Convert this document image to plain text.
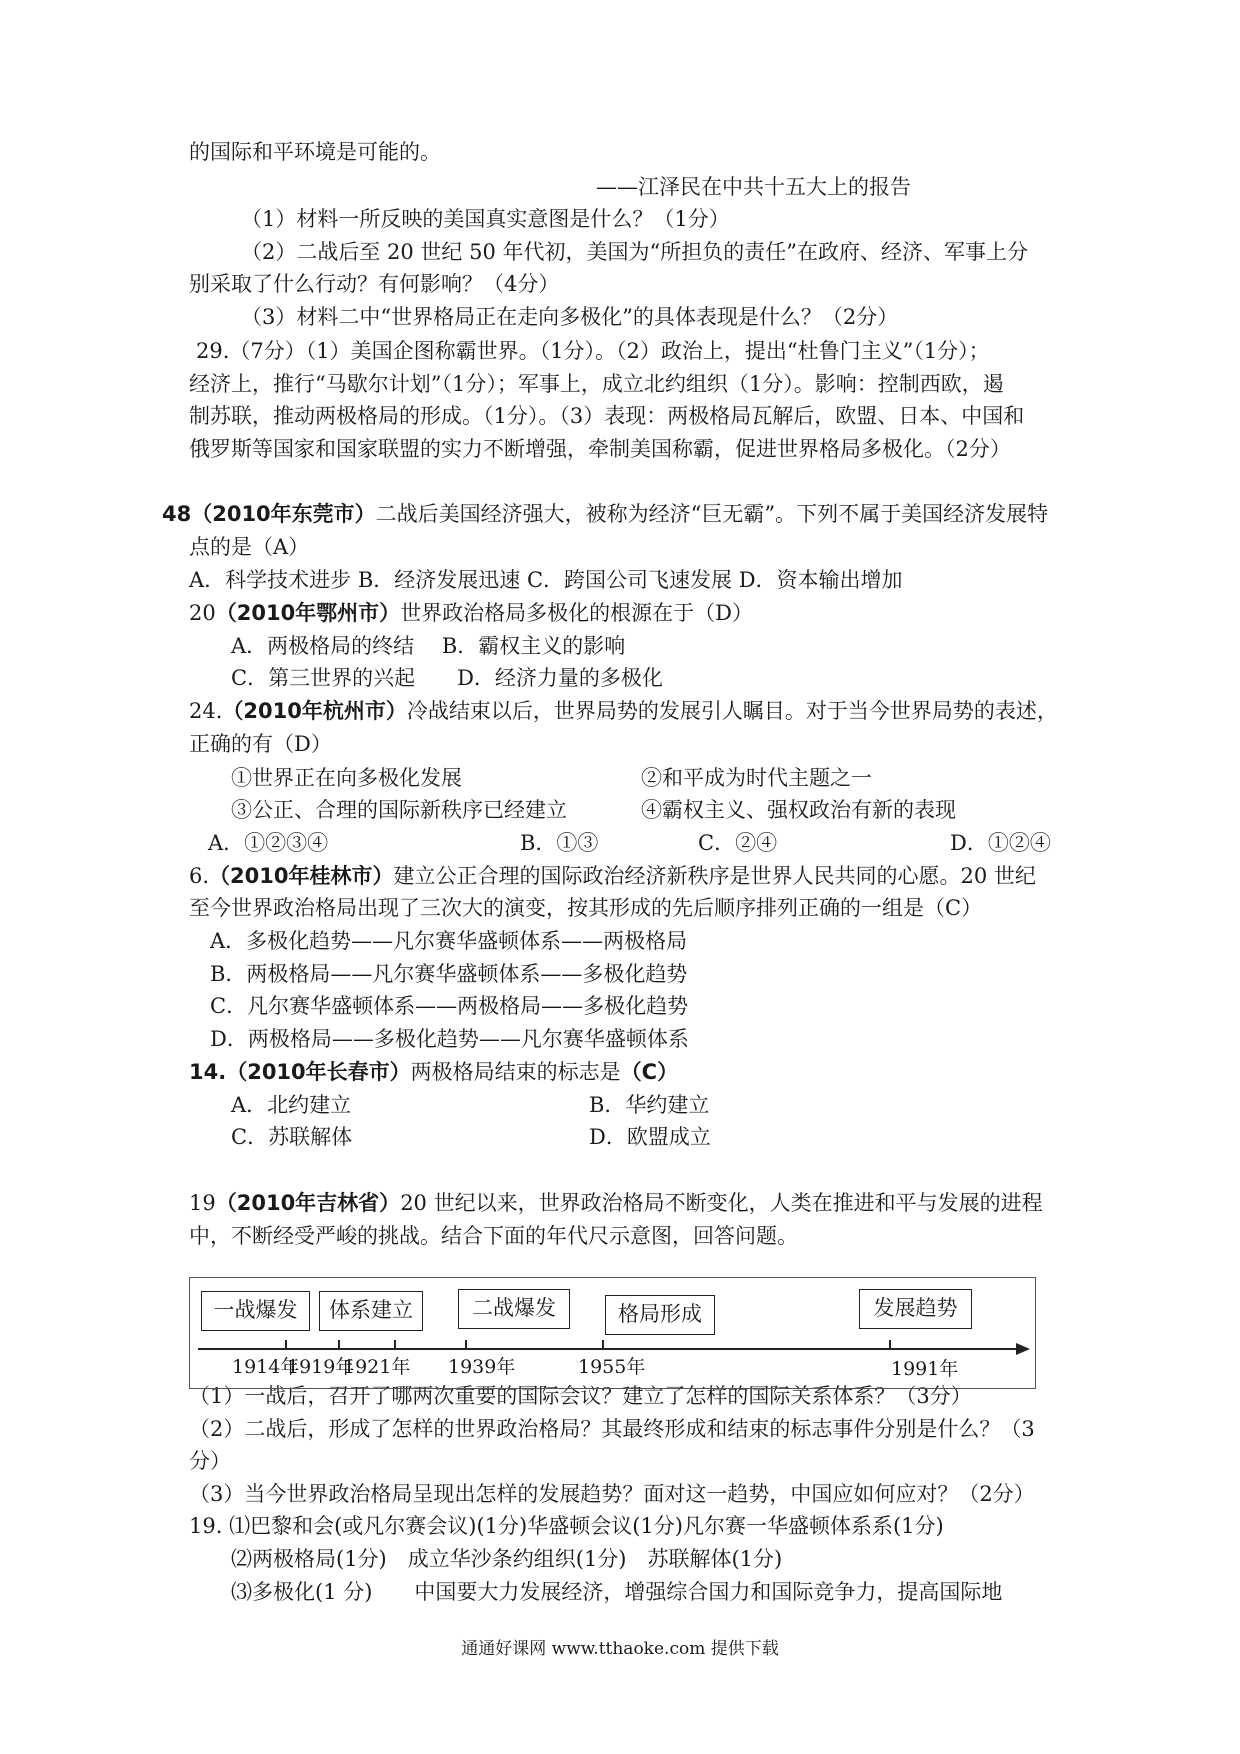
的国际和平环境是可能的。
——江泽民在中共十五大上的报告
（1）材料一所反映的美国真实意图是什么？（1分）
（2）二战后至 20 世纪 50 年代初，美国为“所担负的责任”在政府、经济、军事上分
别采取了什么行动？有何影响？（4分）
（3）材料二中“世界格局正在走向多极化”的具体表现是什么？（2分）
29.（7分）（1）美国企图称霸世界。（1分）。（2）政治上，提出“杜鲁门主义”（1分）；
经济上，推行“马歇尔计划”（1分）；军事上，成立北约组织（1分）。影响：控制西欧，遏
制苏联，推动两极格局的形成。（1分）。（3）表现：两极格局瓦解后，欧盟、日本、中国和
俄罗斯等国家和国家联盟的实力不断增强，牵制美国称霸，促进世界格局多极化。（2分）
点的是（A）
A．科学技术进步 B．经济发展迅速 C．跨国公司飞速发展 D．资本输出增加
A．两极格局的终结　 B．霸权主义的影响
C．第三世界的兴起　　D．经济力量的多极化
正确的有（D）
①世界正在向多极化发展	②和平成为时代主题之一
③公正、合理的国际新秩序已经建立	④霸权主义、强权政治有新的表现
A．①②③④	B．①③	C．②④	D．①②④
至今世界政治格局出现了三次大的演变，按其形成的先后顺序排列正确的一组是（C）
A．多极化趋势——凡尔赛华盛顿体系——两极格局
B．两极格局——凡尔赛华盛顿体系——多极化趋势
C．凡尔赛华盛顿体系——两极格局——多极化趋势
D．两极格局——多极化趋势——凡尔赛华盛顿体系
A．北约建立	B．华约建立
C．苏联解体	D．欧盟成立
中，不断经受严峻的挑战。结合下面的年代尺示意图，回答问题。
（1）一战后，召开了哪两次重要的国际会议？建立了怎样的国际关系体系？（3分）
（2）二战后，形成了怎样的世界政治格局？其最终形成和结束的标志事件分别是什么？（3
分）
（3）当今世界政治格局呈现出怎样的发展趋势？面对这一趋势，中国应如何应对？（2分）
19. ⑴巴黎和会(或凡尔赛会议)(1分)华盛顿会议(1分)凡尔赛一华盛顿体系系(1分)
⑵两极格局(1分)　成立华沙条约组织(1分)　苏联解体(1分)
⑶多极化(1 分)　　中国要大力发展经济，增强综合国力和国际竞争力，提高国际地
48（2010年东莞市）二战后美国经济强大，被称为经济“巨无霸”。下列不属于美国经济发展特
20（2010年鄂州市）世界政治格局多极化的根源在于（D）
24.（2010年杭州市）冷战结束以后，世界局势的发展引人瞩目。对于当今世界局势的表述，
6.（2010年桂林市）建立公正合理的国际政治经济新秩序是世界人民共同的心愿。20 世纪
14.（2010年长春市）两极格局结束的标志是（C）
19（2010年吉林省）20 世纪以来，世界政治格局不断变化，人类在推进和平与发展的进程
一战爆发	体系建立	二战爆发	格局形成	发展趋势
1914年
1919年
1921年 1939年	1955年	1991年
通通好课网 www.tthaoke.com 提供下载
